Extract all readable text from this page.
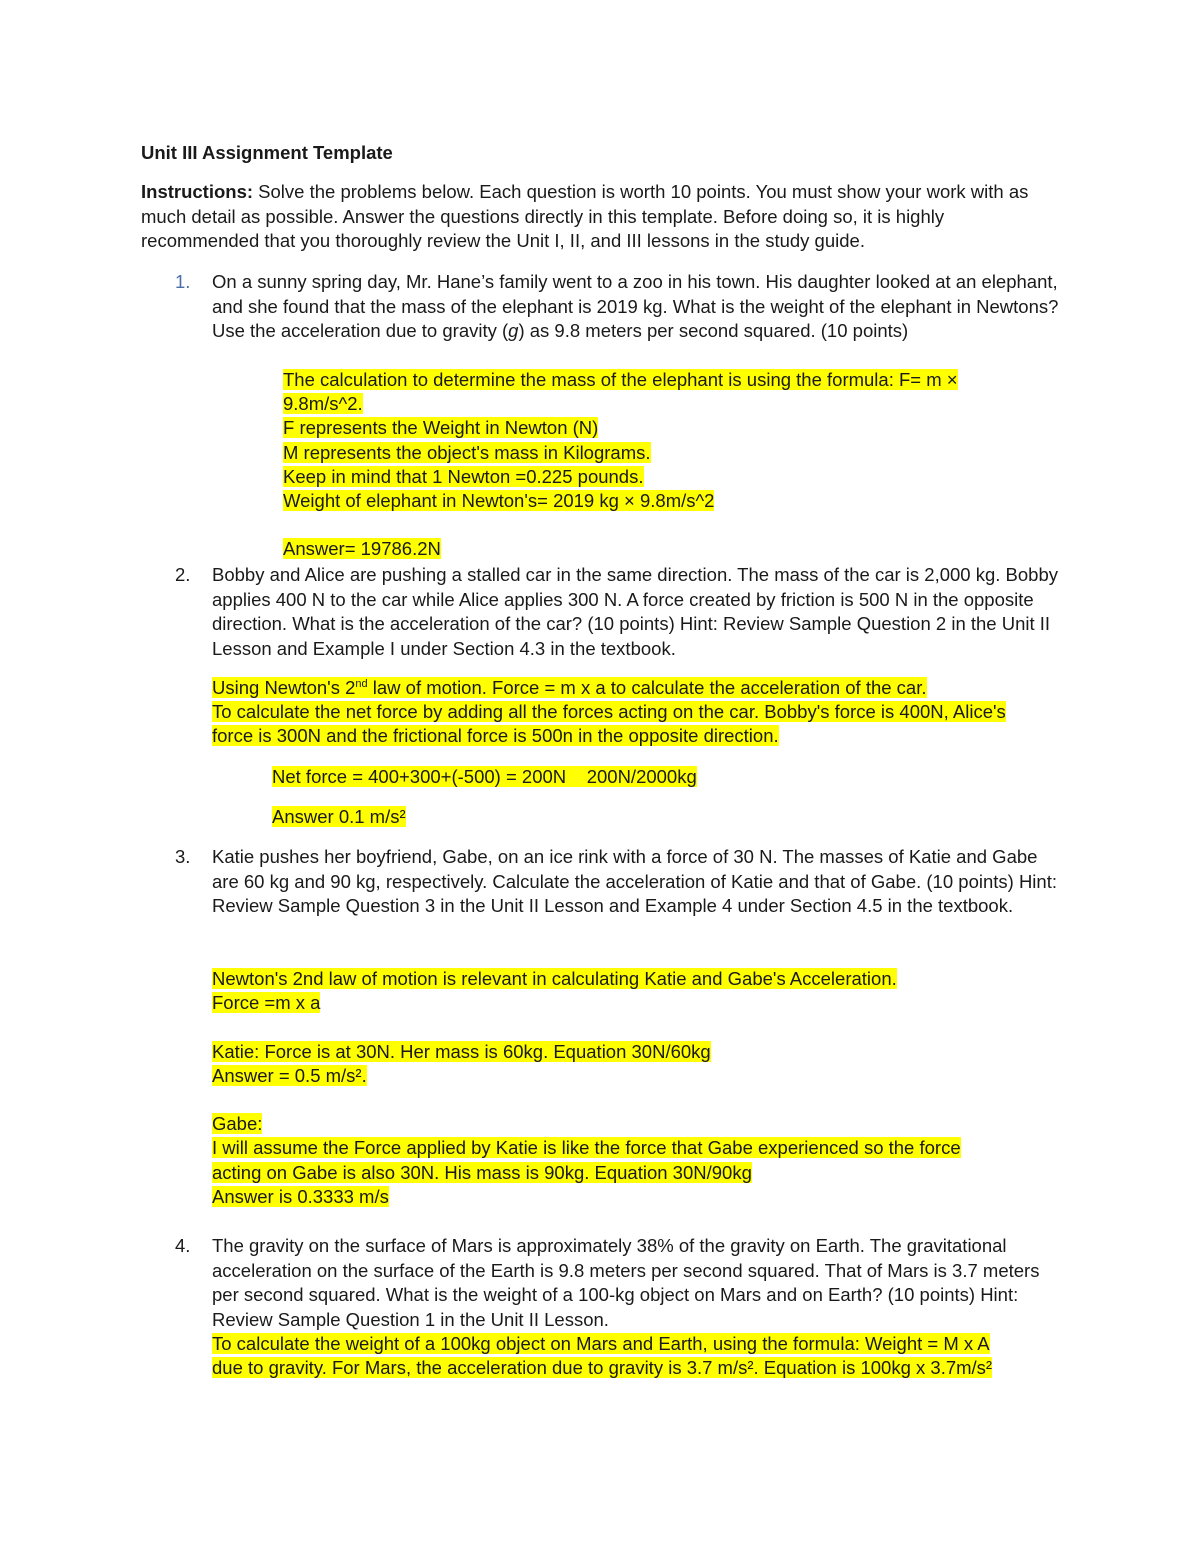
Unit III Assignment Template

Instructions: Solve the problems below. Each question is worth 10 points. You must show your work with as much detail as possible. Answer the questions directly in this template. Before doing so, it is highly recommended that you thoroughly review the Unit I, II, and III lessons in the study guide.

1. On a sunny spring day, Mr. Hane’s family went to a zoo in his town. His daughter looked at an elephant, and she found that the mass of the elephant is 2019 kg. What is the weight of the elephant in Newtons? Use the acceleration due to gravity (g) as 9.8 meters per second squared. (10 points)
The calculation to determine the mass of the elephant is using the formula: F= m ×
9.8m/s^2.
F represents the Weight in Newton (N)
M represents the object's mass in Kilograms.
Keep in mind that 1 Newton =0.225 pounds.
Weight of elephant in Newton's= 2019 kg × 9.8m/s^2
Answer= 19786.2N
2. Bobby and Alice are pushing a stalled car in the same direction. The mass of the car is 2,000 kg. Bobby applies 400 N to the car while Alice applies 300 N. A force created by friction is 500 N in the opposite direction. What is the acceleration of the car? (10 points) Hint: Review Sample Question 2 in the Unit II Lesson and Example I under Section 4.3 in the textbook.
Using Newton's 2nd law of motion. Force = m x a to calculate the acceleration of the car.
To calculate the net force by adding all the forces acting on the car. Bobby's force is 400N, Alice's
force is 300N and the frictional force is 500n in the opposite direction.
Net force = 400+300+(-500) = 200N    200N/2000kg
Answer 0.1 m/s²
3. Katie pushes her boyfriend, Gabe, on an ice rink with a force of 30 N. The masses of Katie and Gabe are 60 kg and 90 kg, respectively. Calculate the acceleration of Katie and that of Gabe. (10 points) Hint: Review Sample Question 3 in the Unit II Lesson and Example 4 under Section 4.5 in the textbook.
Newton's 2nd law of motion is relevant in calculating Katie and Gabe's Acceleration.
Force =m x a
Katie: Force is at 30N. Her mass is 60kg. Equation 30N/60kg
Answer = 0.5 m/s².
Gabe:
I will assume the Force applied by Katie is like the force that Gabe experienced so the force
acting on Gabe is also 30N. His mass is 90kg. Equation 30N/90kg
Answer is 0.3333 m/s
4. The gravity on the surface of Mars is approximately 38% of the gravity on Earth. The gravitational acceleration on the surface of the Earth is 9.8 meters per second squared. That of Mars is 3.7 meters per second squared. What is the weight of a 100-kg object on Mars and on Earth? (10 points) Hint: Review Sample Question 1 in the Unit II Lesson.
To calculate the weight of a 100kg object on Mars and Earth, using the formula: Weight = M x A
due to gravity. For Mars, the acceleration due to gravity is 3.7 m/s². Equation is 100kg x 3.7m/s²
